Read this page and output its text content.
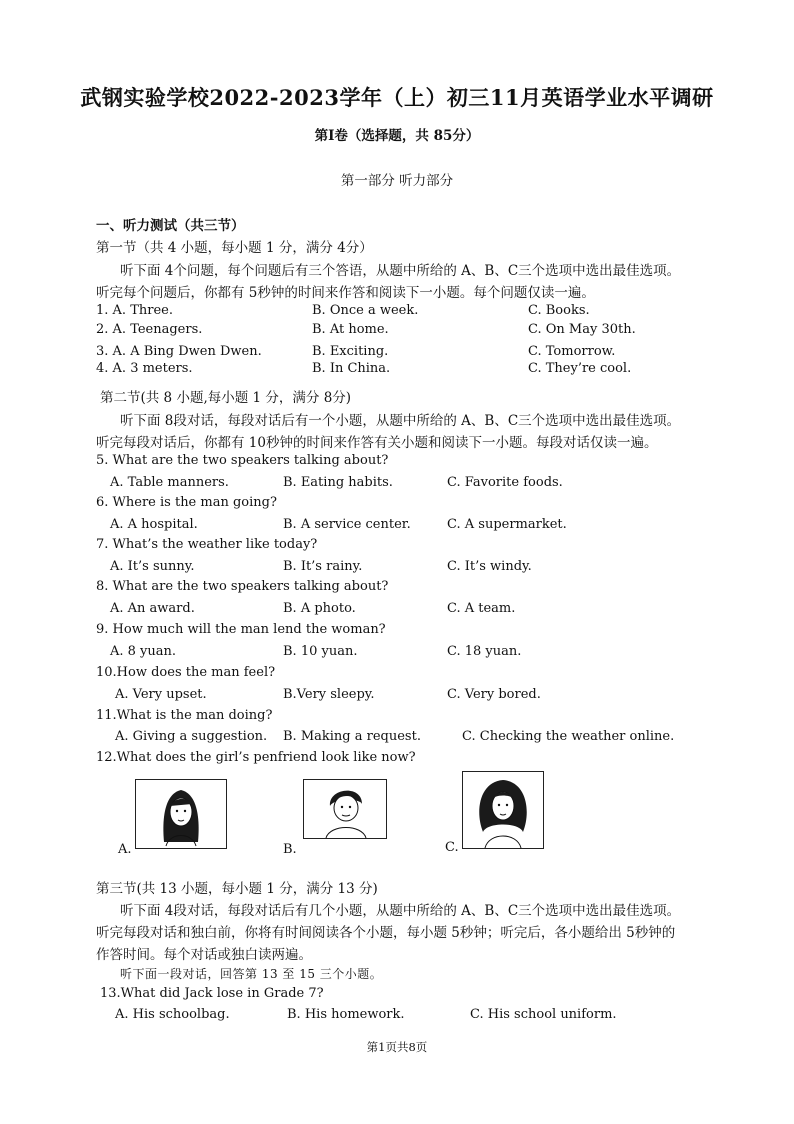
武钢实验学校2022-2023学年（上）初三11月英语学业水平调研
第Ⅰ卷（选择题，共 85分）
第一部分 听力部分
一、听力测试（共三节）
第一节（共 4 小题，每小题 1 分，满分 4分）
听下面 4个问题，每个问题后有三个答语，从题中所给的 A、B、C三个选项中选出最佳选项。
听完每个问题后，你都有 5秒钟的时间来作答和阅读下一小题。每个问题仅读一遍。
1. A. Three.	B. Once a week.	C. Books.
2. A. Teenagers.	B. At home.	C. On May 30th.
3. A. A Bing Dwen Dwen.	B. Exciting.	C. Tomorrow.
4. A. 3 meters.	B. In China.	C. They’re cool.
第二节(共 8 小题,每小题 1 分，满分 8分)
听下面 8段对话，每段对话后有一个小题，从题中所给的 A、B、C三个选项中选出最佳选项。
听完每段对话后，你都有 10秒钟的时间来作答有关小题和阅读下一小题。每段对话仅读一遍。
5. What are the two speakers talking about?
A. Table manners.	B. Eating habits.	C. Favorite foods.
6. Where is the man going?
A. A hospital.	B. A service center.	C. A supermarket.
7. What’s the weather like today?
A. It’s sunny.	B. It’s rainy.	C. It’s windy.
8. What are the two speakers talking about?
A. An award.	B. A photo.	C. A team.
9. How much will the man lend the woman?
A. 8 yuan.	B. 10 yuan.	C. 18 yuan.
10.How does the man feel?
A. Very upset.	B.Very sleepy.	C. Very bored.
11.What is the man doing?
A. Giving a suggestion. B. Making a request.	C. Checking the weather online.
12.What does the girl’s penfriend look like now?
A.	B.	C.
第三节(共 13 小题，每小题 1 分，满分 13 分)
听下面 4段对话，每段对话后有几个小题，从题中所给的 A、B、C三个选项中选出最佳选项。
听完每段对话和独白前，你将有时间阅读各个小题，每小题 5秒钟；听完后，各小题给出 5秒钟的
作答时间。每个对话或独白读两遍。
听下面一段对话，回答第 13 至 15 三个小题。
13.What did Jack lose in Grade 7?
A. His schoolbag.	B. His homework.	C. His school uniform.
第1页共8页
